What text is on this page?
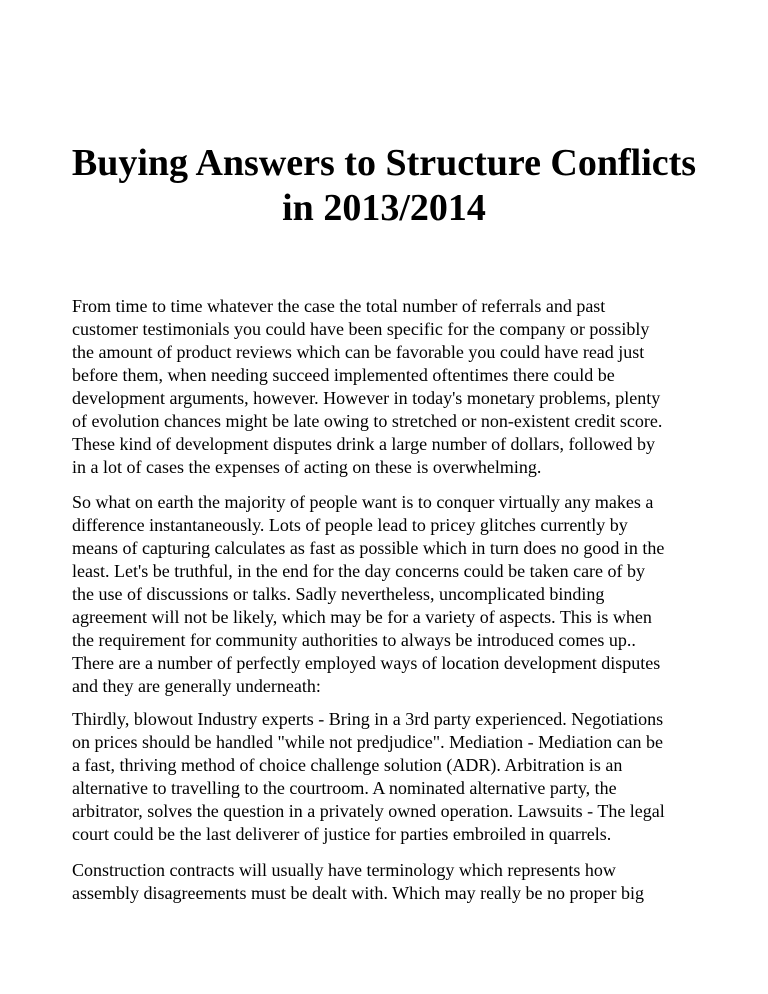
Buying Answers to Structure Conflicts
in 2013/2014
From time to time whatever the case the total number of referrals and past
customer testimonials you could have been specific for the company or possibly
the amount of product reviews which can be favorable you could have read just
before them, when needing succeed implemented oftentimes there could be
development arguments, however. However in today's monetary problems, plenty
of evolution chances might be late owing to stretched or non-existent credit score.
These kind of development disputes drink a large number of dollars, followed by
in a lot of cases the expenses of acting on these is overwhelming.
So what on earth the majority of people want is to conquer virtually any makes a
difference instantaneously. Lots of people lead to pricey glitches currently by
means of capturing calculates as fast as possible which in turn does no good in the
least. Let's be truthful, in the end for the day concerns could be taken care of by
the use of discussions or talks. Sadly nevertheless, uncomplicated binding
agreement will not be likely, which may be for a variety of aspects. This is when
the requirement for community authorities to always be introduced comes up..
There are a number of perfectly employed ways of location development disputes
and they are generally underneath:
Thirdly, blowout Industry experts - Bring in a 3rd party experienced. Negotiations
on prices should be handled "while not predjudice". Mediation - Mediation can be
a fast, thriving method of choice challenge solution (ADR). Arbitration is an
alternative to travelling to the courtroom. A nominated alternative party, the
arbitrator, solves the question in a privately owned operation. Lawsuits - The legal
court could be the last deliverer of justice for parties embroiled in quarrels.
Construction contracts will usually have terminology which represents how
assembly disagreements must be dealt with. Which may really be no proper big
